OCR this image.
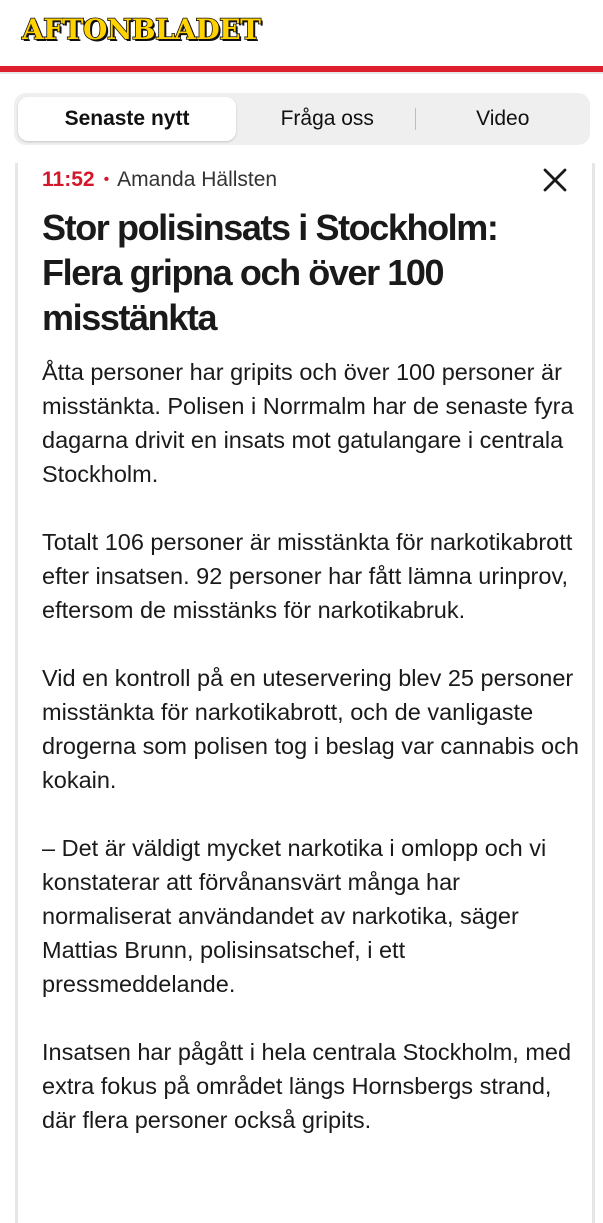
AFTONBLADET
Senaste nytt	Fråga oss	Video
11:52 • Amanda Hällsten
Stor polisinsats i Stockholm: Flera gripna och över 100 misstänkta

Åtta personer har gripits och över 100 personer är misstänkta. Polisen i Norrmalm har de senaste fyra dagarna drivit en insats mot gatulangare i centrala Stockholm.

Totalt 106 personer är misstänkta för narkotikabrott efter insatsen. 92 personer har fått lämna urinprov, eftersom de misstänks för narkotikabruk.

Vid en kontroll på en uteservering blev 25 personer misstänkta för narkotikabrott, och de vanligaste drogerna som polisen tog i beslag var cannabis och kokain.

– Det är väldigt mycket narkotika i omlopp och vi konstaterar att förvånansvärt många har normaliserat användandet av narkotika, säger Mattias Brunn, polisinsatschef, i ett pressmeddelande.

Insatsen har pågått i hela centrala Stockholm, med extra fokus på området längs Hornsbergs strand, där flera personer också gripits.
